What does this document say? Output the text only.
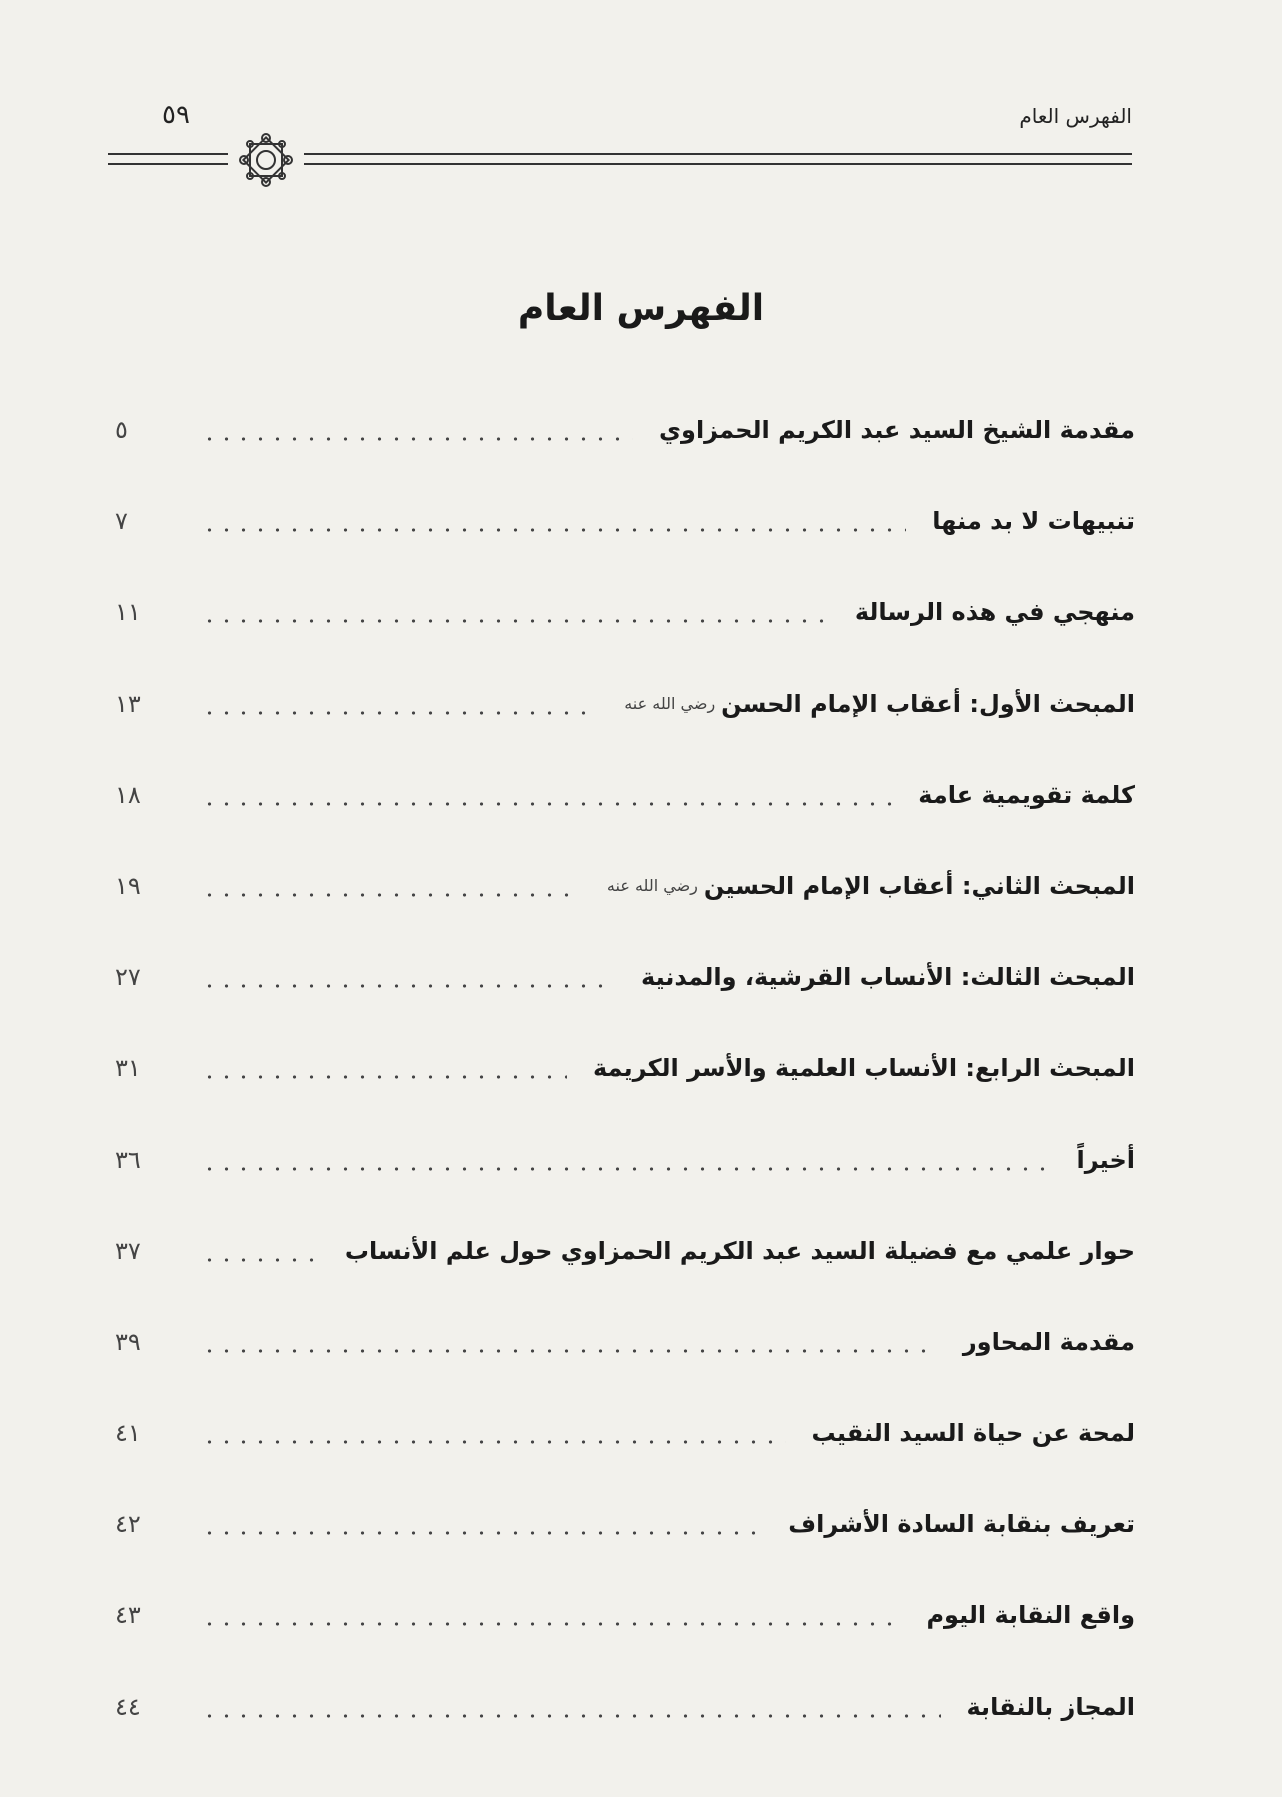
الفهرس العام
٥٩
الفهرس العام
مقدمة الشيخ السيد عبد الكريم الحمزاوي
٥
تنبيهات لا بد منها
٧
منهجي في هذه الرسالة
١١
المبحث الأول: أعقاب الإمام الحسن
رضي الله عنه
١٣
كلمة تقويمية عامة
١٨
المبحث الثاني: أعقاب الإمام الحسين
رضي الله عنه
١٩
المبحث الثالث: الأنساب القرشية، والمدنية
٢٧
المبحث الرابع: الأنساب العلمية والأسر الكريمة
٣١
أخيراً
٣٦
حوار علمي مع فضيلة السيد عبد الكريم الحمزاوي حول علم الأنساب
٣٧
مقدمة المحاور
٣٩
لمحة عن حياة السيد النقيب
٤١
تعريف بنقابة السادة الأشراف
٤٢
واقع النقابة اليوم
٤٣
المجاز بالنقابة
٤٤
